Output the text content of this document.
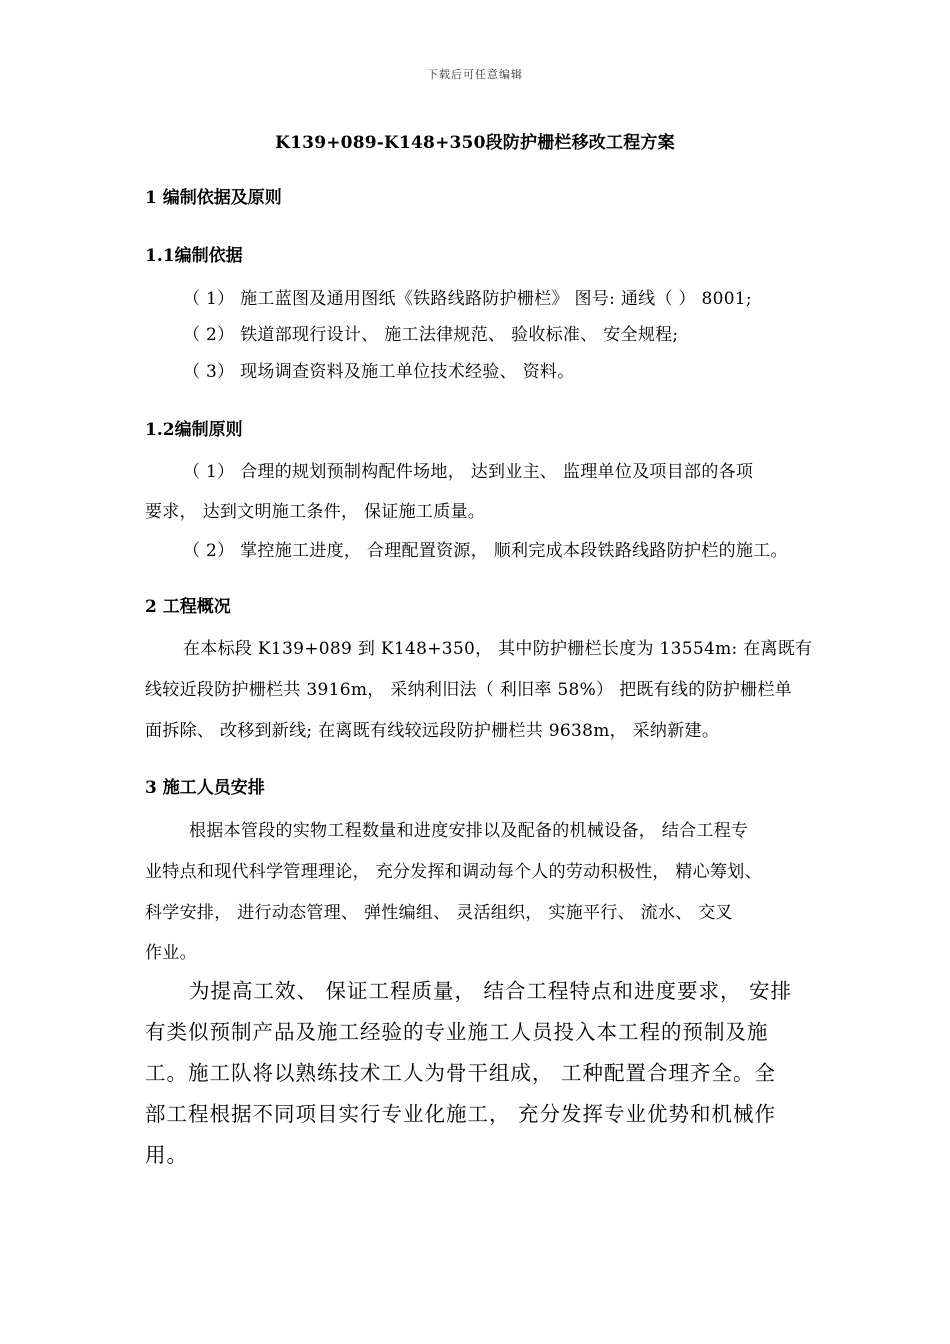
下载后可任意编辑
K139+089-K148+350段防护栅栏移改工程方案
1 编制依据及原则
1.1编制依据
（ 1） 施工蓝图及通用图纸《铁路线路防护栅栏》 图号: 通线（ ） 8001;
（ 2） 铁道部现行设计、 施工法律规范、 验收标准、 安全规程;
（ 3） 现场调查资料及施工单位技术经验、 资料。
1.2编制原则
（ 1） 合理的规划预制构配件场地， 达到业主、 监理单位及项目部的各项
要求， 达到文明施工条件， 保证施工质量。
（ 2） 掌控施工进度， 合理配置资源， 顺利完成本段铁路线路防护栏的施工。
2 工程概况
在本标段 K139+089 到 K148+350， 其中防护栅栏长度为 13554m: 在离既有
线较近段防护栅栏共 3916m， 采纳利旧法（ 利旧率 58%） 把既有线的防护栅栏单
面拆除、 改移到新线; 在离既有线较远段防护栅栏共 9638m， 采纳新建。
3 施工人员安排
根据本管段的实物工程数量和进度安排以及配备的机械设备， 结合工程专
业特点和现代科学管理理论， 充分发挥和调动每个人的劳动积极性， 精心筹划、
科学安排， 进行动态管理、 弹性编组、 灵活组织， 实施平行、 流水、 交叉
作业。
为提高工效、 保证工程质量， 结合工程特点和进度要求， 安排
有类似预制产品及施工经验的专业施工人员投入本工程的预制及施
工。施工队将以熟练技术工人为骨干组成， 工种配置合理齐全。全
部工程根据不同项目实行专业化施工， 充分发挥专业优势和机械作
用。
